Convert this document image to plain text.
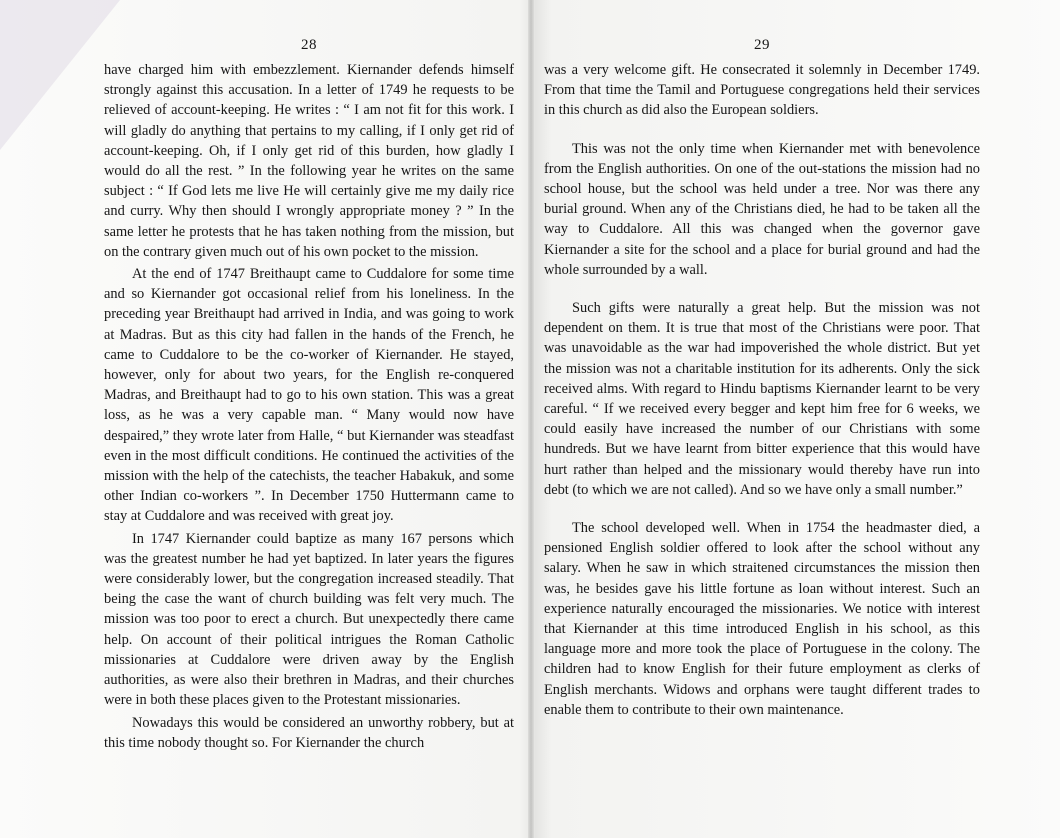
28

have charged him with embezzlement. Kiernander defends himself strongly against this accusation. In a letter of 1749 he requests to be relieved of account-keeping. He writes : “ I am not fit for this work. I will gladly do anything that pertains to my calling, if I only get rid of account-keeping. Oh, if I only get rid of this burden, how gladly I would do all the rest. ” In the following year he writes on the same subject : “ If God lets me live He will certainly give me my daily rice and curry. Why then should I wrongly appropriate money ? ” In the same letter he protests that he has taken nothing from the mission, but on the contrary given much out of his own pocket to the mission.

At the end of 1747 Breithaupt came to Cuddalore for some time and so Kiernander got occasional relief from his loneliness. In the preceding year Breithaupt had arrived in India, and was going to work at Madras. But as this city had fallen in the hands of the French, he came to Cuddalore to be the co-worker of Kiernander. He stayed, however, only for about two years, for the English re-conquered Madras, and Breithaupt had to go to his own station. This was a great loss, as he was a very capable man. “ Many would now have despaired,” they wrote later from Halle, “ but Kiernander was steadfast even in the most difficult conditions. He continued the activities of the mission with the help of the catechists, the teacher Habakuk, and some other Indian co-workers ”. In December 1750 Huttermann came to stay at Cuddalore and was received with great joy.

In 1747 Kiernander could baptize as many 167 persons which was the greatest number he had yet baptized. In later years the figures were considerably lower, but the congregation increased steadily. That being the case the want of church building was felt very much. The mission was too poor to erect a church. But unexpectedly there came help. On account of their political intrigues the Roman Catholic missionaries at Cuddalore were driven away by the English authorities, as were also their brethren in Madras, and their churches were in both these places given to the Protestant missionaries.

Nowadays this would be considered an unworthy robbery, but at this time nobody thought so. For Kiernander the church

29

was a very welcome gift. He consecrated it solemnly in December 1749. From that time the Tamil and Portuguese congregations held their services in this church as did also the European soldiers.

This was not the only time when Kiernander met with benevolence from the English authorities. On one of the out-stations the mission had no school house, but the school was held under a tree. Nor was there any burial ground. When any of the Christians died, he had to be taken all the way to Cuddalore. All this was changed when the governor gave Kiernander a site for the school and a place for burial ground and had the whole surrounded by a wall.

Such gifts were naturally a great help. But the mission was not dependent on them. It is true that most of the Christians were poor. That was unavoidable as the war had impoverished the whole district. But yet the mission was not a charitable institution for its adherents. Only the sick received alms. With regard to Hindu baptisms Kiernander learnt to be very careful. “ If we received every begger and kept him free for 6 weeks, we could easily have increased the number of our Christians with some hundreds. But we have learnt from bitter experience that this would have hurt rather than helped and the missionary would thereby have run into debt (to which we are not called). And so we have only a small number.”

The school developed well. When in 1754 the headmaster died, a pensioned English soldier offered to look after the school without any salary. When he saw in which straitened circumstances the mission then was, he besides gave his little fortune as loan without interest. Such an experience naturally encouraged the missionaries. We notice with interest that Kiernander at this time introduced English in his school, as this language more and more took the place of Portuguese in the colony. The children had to know English for their future employment as clerks of English merchants. Widows and orphans were taught different trades to enable them to contribute to their own maintenance.
